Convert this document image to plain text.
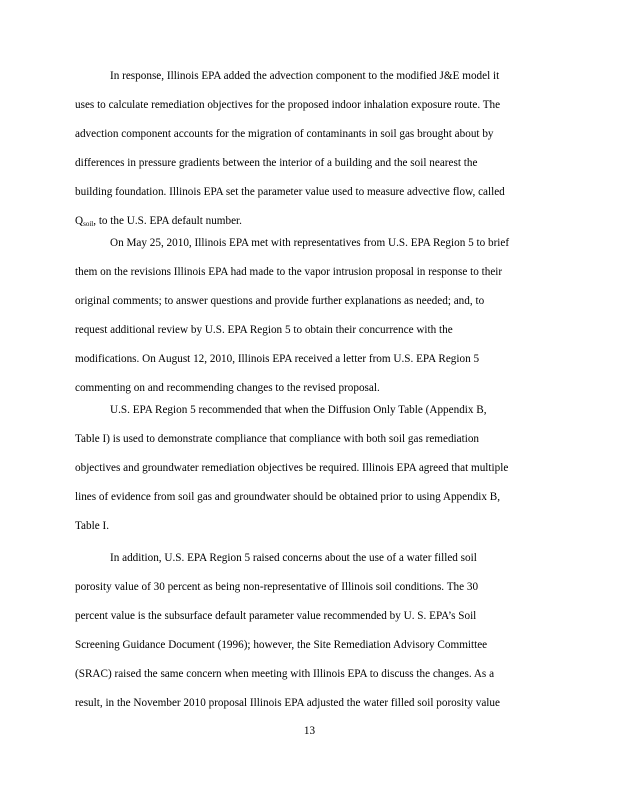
In response, Illinois EPA added the advection component to the modified J&E model it
uses to calculate remediation objectives for the proposed indoor inhalation exposure route. The
advection component accounts for the migration of contaminants in soil gas brought about by
differences in pressure gradients between the interior of a building and the soil nearest the
building foundation. Illinois EPA set the parameter value used to measure advective flow, called
$Q_{soil}$, to the U.S. EPA default number.
On May 25, 2010, Illinois EPA met with representatives from U.S. EPA Region 5 to brief
them on the revisions Illinois EPA had made to the vapor intrusion proposal in response to their
original comments; to answer questions and provide further explanations as needed; and, to
request additional review by U.S. EPA Region 5 to obtain their concurrence with the
modifications. On August 12, 2010, Illinois EPA received a letter from U.S. EPA Region 5
commenting on and recommending changes to the revised proposal.
U.S. EPA Region 5 recommended that when the Diffusion Only Table (Appendix B,
Table I) is used to demonstrate compliance that compliance with both soil gas remediation
objectives and groundwater remediation objectives be required. Illinois EPA agreed that multiple
lines of evidence from soil gas and groundwater should be obtained prior to using Appendix B,
Table I.
In addition, U.S. EPA Region 5 raised concerns about the use of a water filled soil
porosity value of 30 percent as being non-representative of Illinois soil conditions. The 30
percent value is the subsurface default parameter value recommended by U. S. EPA’s Soil
Screening Guidance Document (1996); however, the Site Remediation Advisory Committee
(SRAC) raised the same concern when meeting with Illinois EPA to discuss the changes. As a
result, in the November 2010 proposal Illinois EPA adjusted the water filled soil porosity value
13
